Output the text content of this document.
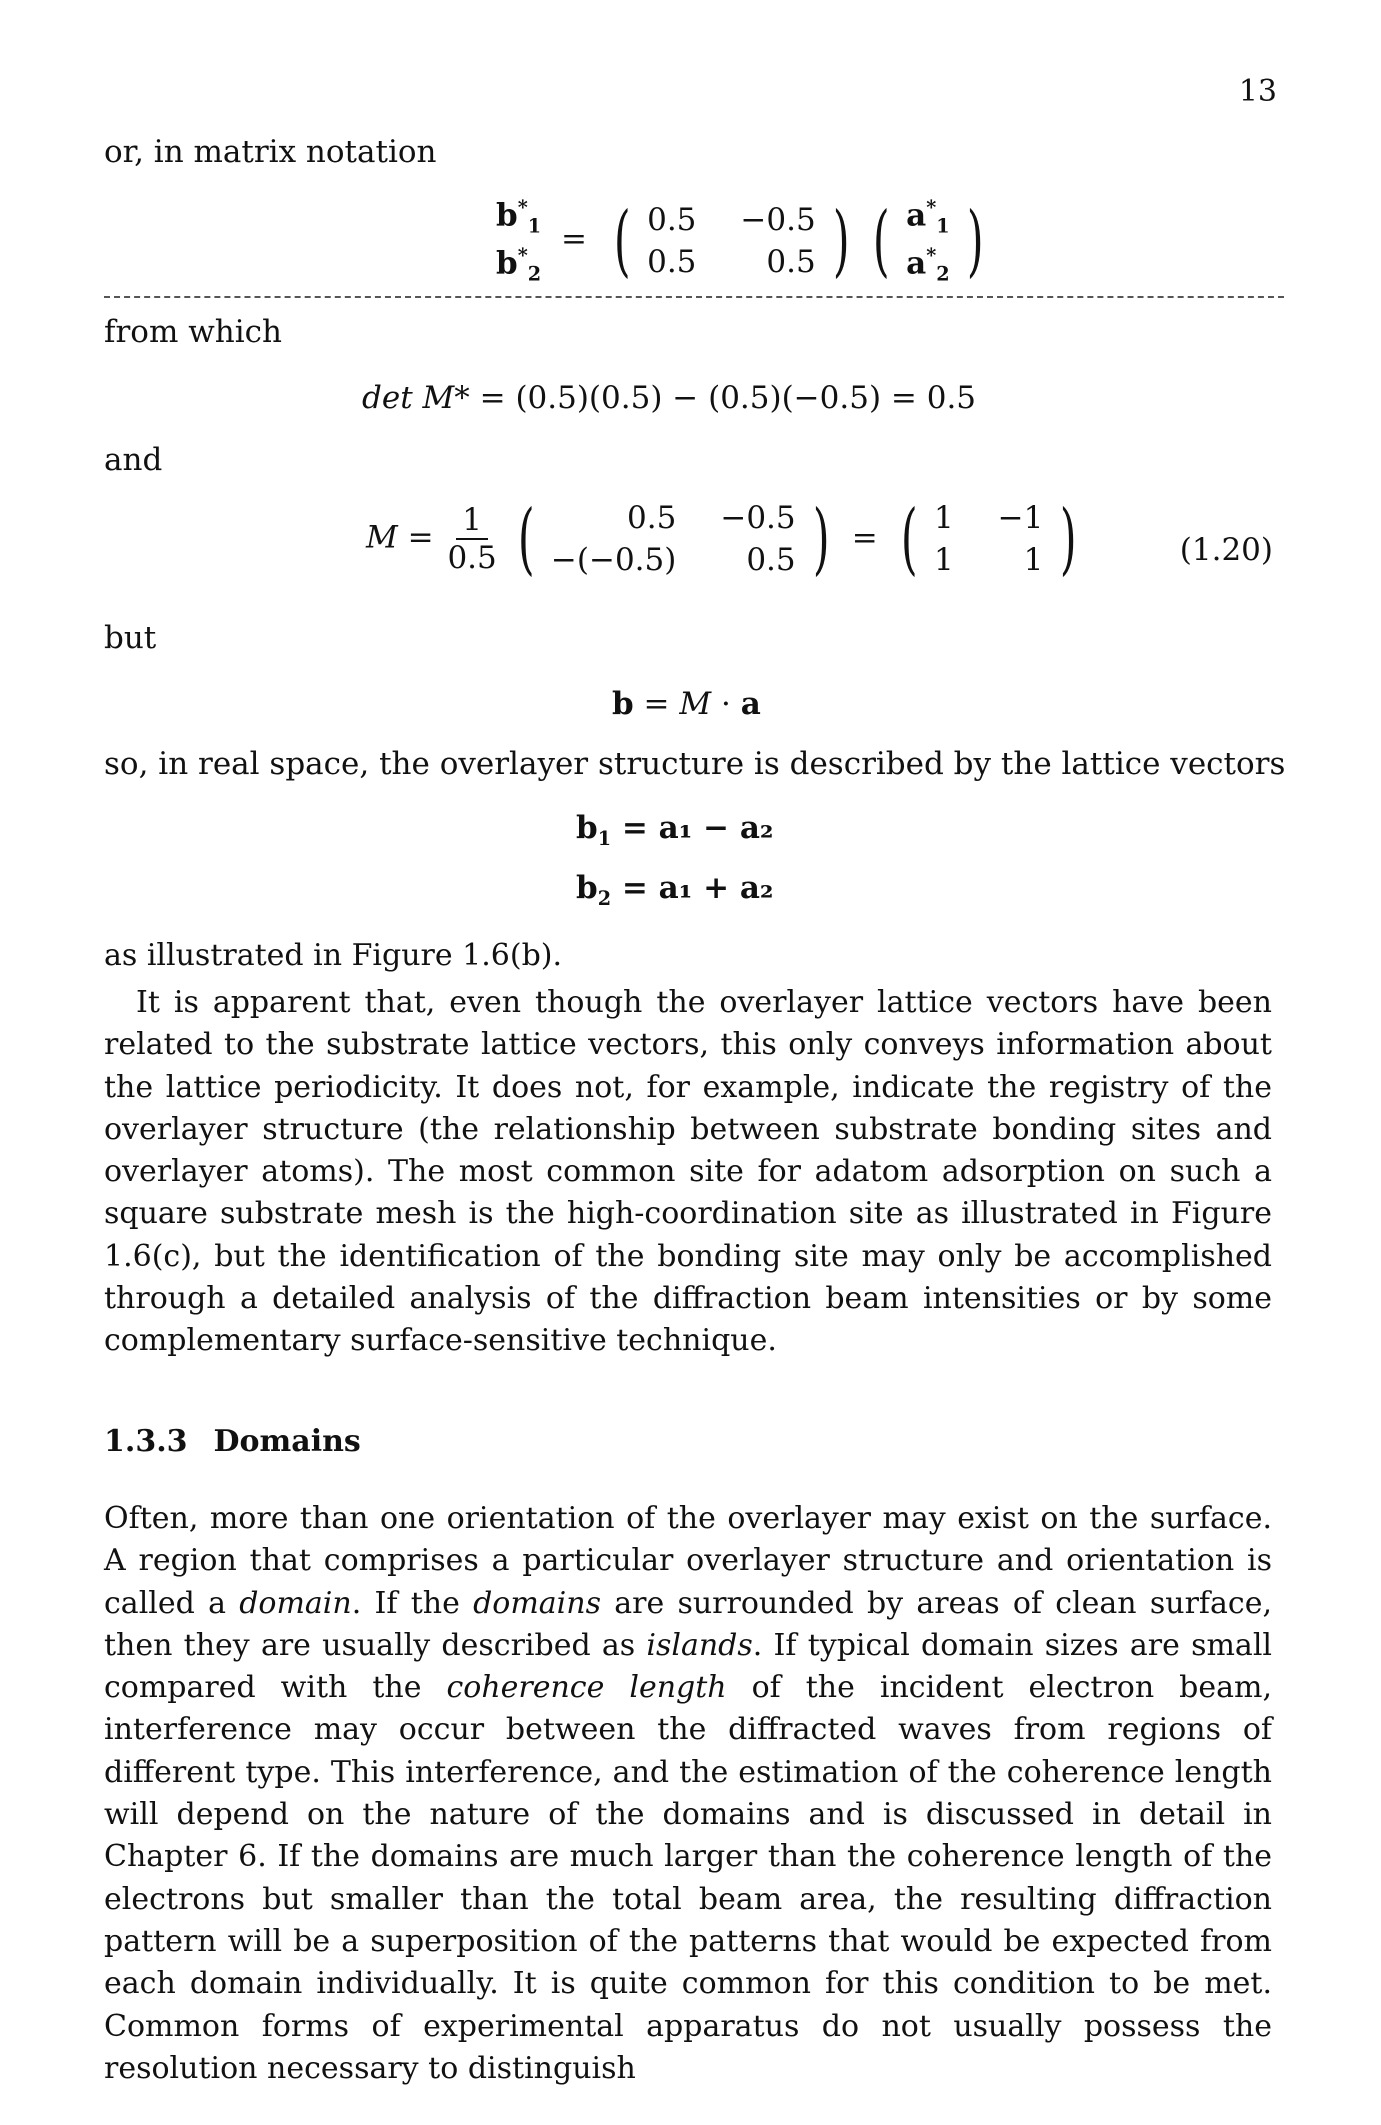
13
or, in matrix notation
$b^*_1$
$b^*_2$
= ( 0.5 −0.5
0.5	0.5 ) ( $a^*_1$
$a^*_2$ )
from which
det M* = (0.5)(0.5) − (0.5)(−0.5) = 0.5
and
$M = \frac{1}{0.5}$ (	0.5 −0.5
−(−0.5)	0.5 ) = ( 1 −1
1	1 )	(1.20)
but
b = M · a
so, in real space, the overlayer structure is described by the lattice vectors
$b_1 = a_1 - a_2$
$b_2 = a_1 + a_2$
as illustrated in Figure 1.6(b).

It is apparent that, even though the overlayer lattice vectors have been related to the substrate lattice vectors, this only conveys information about the lattice periodicity. It does not, for example, indicate the registry of the overlayer structure (the relationship between substrate bonding sites and overlayer atoms). The most common site for adatom adsorption on such a square substrate mesh is the high-coordination site as illustrated in Figure 1.6(c), but the identification of the bonding site may only be accomplished through a detailed analysis of the diffraction beam intensities or by some complementary surface-sensitive technique.

1.3.3 Domains

Often, more than one orientation of the overlayer may exist on the surface. A region that comprises a particular overlayer structure and orientation is called a domain. If the domains are surrounded by areas of clean surface, then they are usually described as islands. If typical domain sizes are small compared with the coherence length of the incident electron beam, interference may occur between the diffracted waves from regions of different type. This interference, and the estimation of the coherence length will depend on the nature of the domains and is discussed in detail in Chapter 6. If the domains are much larger than the coherence length of the electrons but smaller than the total beam area, the resulting diffraction pattern will be a superposition of the patterns that would be expected from each domain individually. It is quite common for this condition to be met. Common forms of experimental apparatus do not usually possess the resolution necessary to distinguish
